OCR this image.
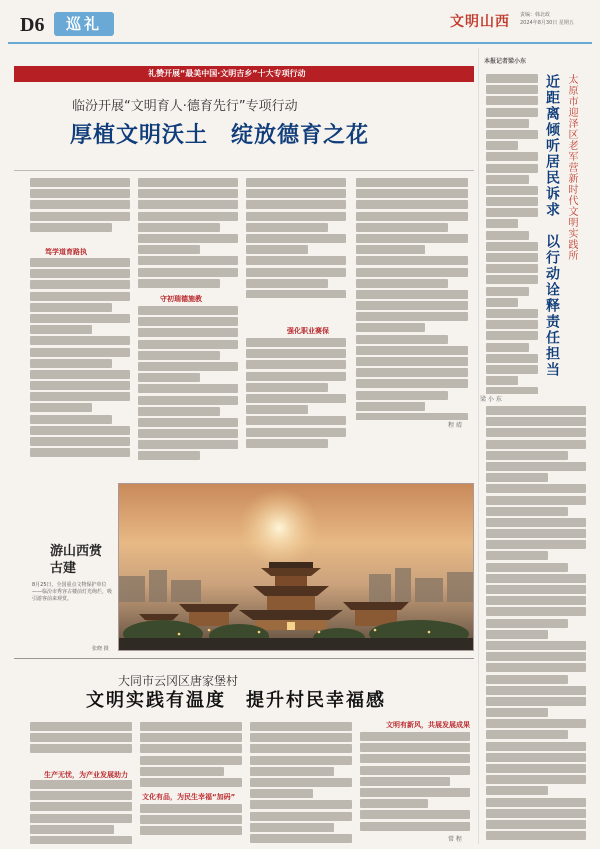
D6	巡礼	文明山西 责编：韩北政
2024年8月30日 星期五
礼赞开展“最美中国·文明吉乡”十大专项行动
临汾开展“文明育人·德育先行”专项行动
厚植文明沃土　绽放德育之花
笃学道育路执
守初瑞德施教
强化职业赛保
程 靖
游山西赏古建
8月25日，全国重点文物保护单位——临汾市秀容古楼前灯光绚烂，吸引游客前来观赏。
张晓 摄
大同市云冈区唐家堡村
文明实践有温度　提升村民幸福感
生产无忧，为产业发展助力
文化有品，为民生幸福“加码”
文明有新风，共展发展成果
常 程
本报记者梁小东
太原市迎泽区老军营新时代文明实践所
近距离倾听居民诉求　以行动诠释责任担当
梁 小 东
